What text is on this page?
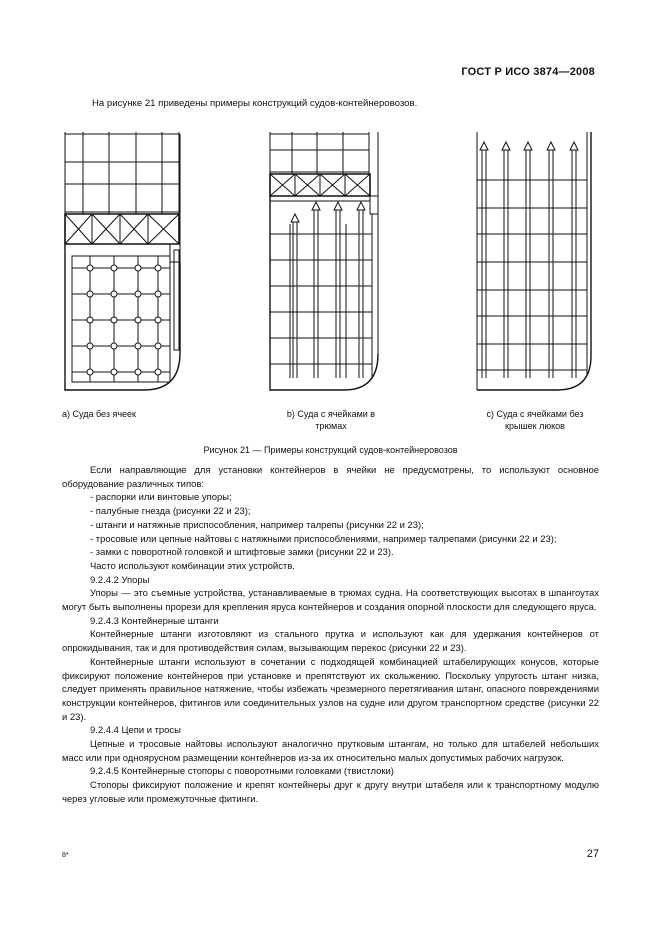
ГОСТ Р ИСО 3874—2008
На рисунке 21 приведены примеры конструкций судов-контейнеровозов.
а) Суда без ячеек	b) Суда с ячейками в
трюмах
с) Суда с ячейками без
крышек люков
Рисунок 21 — Примеры конструкций судов-контейнеровозов

Если направляющие для установки контейнеров в ячейки не предусмотрены, то используют основное оборудование различных типов:

- распорки или винтовые упоры;

- палубные гнезда (рисунки 22 и 23);

- штанги и натяжные приспособления, например талрепы (рисунки 22 и 23);

- тросовые или цепные найтовы с натяжными приспособлениями, например талрепами (рисунки 22 и 23);

- замки с поворотной головкой и штифтовые замки (рисунки 22 и 23).

Часто используют комбинации этих устройств.

9.2.4.2 Упоры

Упоры — это съемные устройства, устанавливаемые в трюмах судна. На соответствующих высотах в шпангоутах могут быть выполнены прорези для крепления яруса контейнеров и создания опорной плоскости для следующего яруса.

9.2.4.3 Контейнерные штанги

Контейнерные штанги изготовляют из стального прутка и используют как для удержания контейнеров от опрокидывания, так и для противодействия силам, вызывающим перекос (рисунки 22 и 23).

Контейнерные штанги используют в сочетании с подходящей комбинацией штабелирующих конусов, которые фиксируют положение контейнеров при установке и препятствуют их скольжению. Поскольку упругость штанг низка, следует применять правильное натяжение, чтобы избежать чрезмерного перетягивания штанг, опасного повреждениями конструкции контейнеров, фитингов или соединительных узлов на судне или другом транспортном средстве (рисунки 22 и 23).

9.2.4.4 Цепи и тросы

Цепные и тросовые найтовы используют аналогично прутковым штангам, но только для штабелей небольших масс или при одноярусном размещении контейнеров из-за их относительно малых допустимых рабочих нагрузок.

9.2.4.5 Контейнерные стопоры с поворотными головками (твистлоки)

Стопоры фиксируют положение и крепят контейнеры друг к другу внутри штабеля или к транспортному модулю через угловые или промежуточные фитинги.

8*	27
